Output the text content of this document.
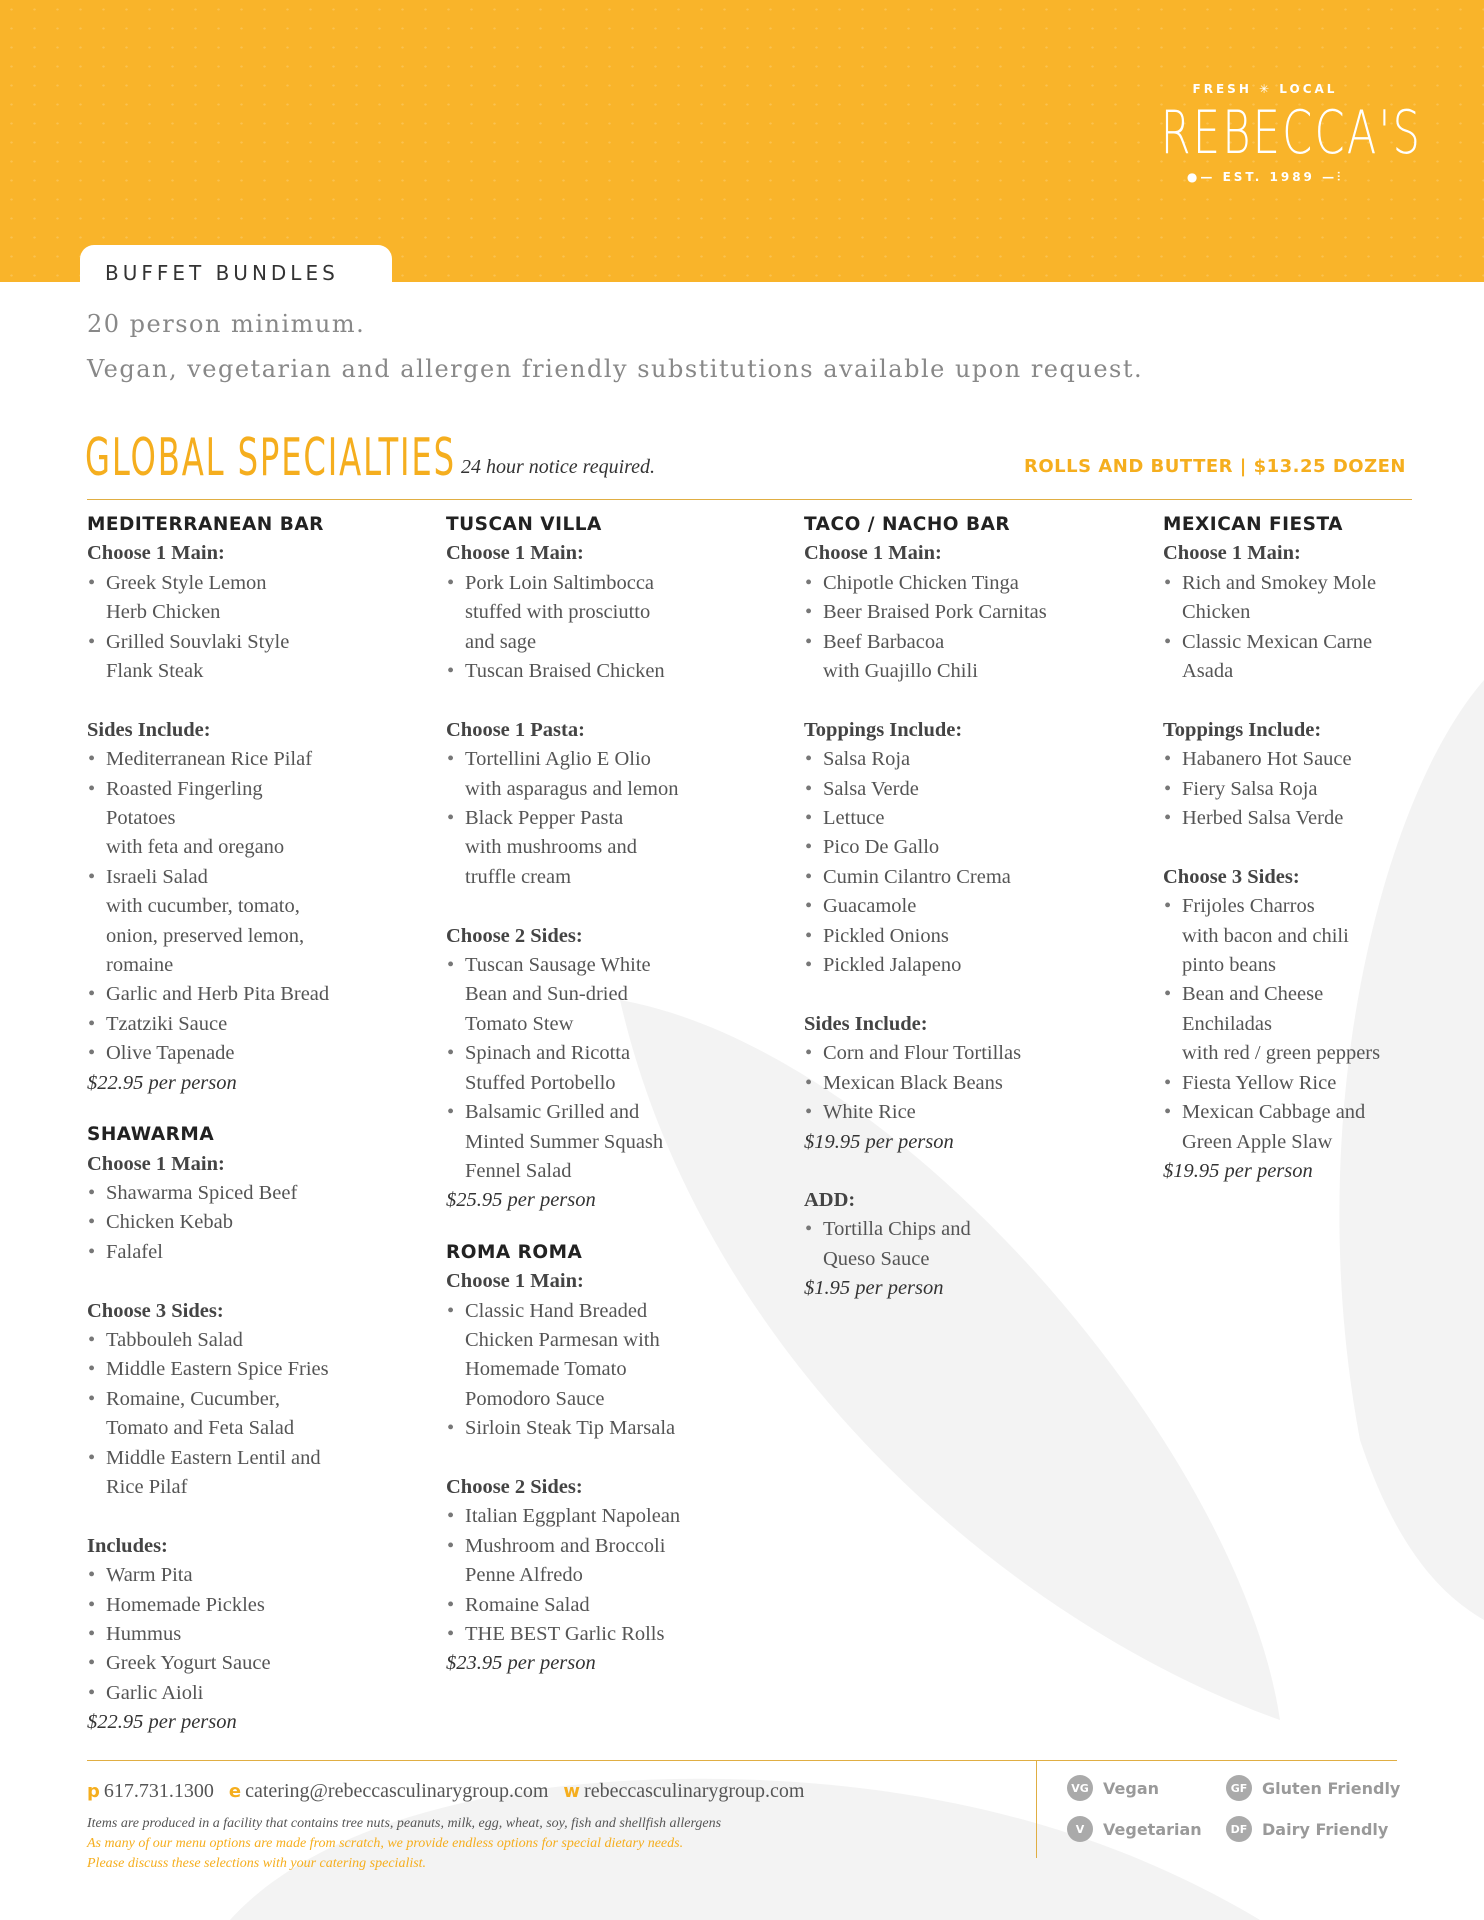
FRESH ✳ LOCAL
REBECCA'S
●— EST. 1989 —⫶
BUFFET BUNDLES
20 person minimum.
Vegan, vegetarian and allergen friendly substitutions available upon request.
GLOBAL SPECIALTIES 24 hour notice required.	ROLLS AND BUTTER | $13.25 DOZEN
MEDITERRANEAN BAR
Choose 1 Main:
• Greek Style Lemon
Herb Chicken
• Grilled Souvlaki Style
Flank Steak
Sides Include:
• Mediterranean Rice Pilaf
• Roasted Fingerling
Potatoes
with feta and oregano
• Israeli Salad
with cucumber, tomato,
onion, preserved lemon,
romaine
• Garlic and Herb Pita Bread
• Tzatziki Sauce
• Olive Tapenade
$22.95 per person
SHAWARMA
Choose 1 Main:
• Shawarma Spiced Beef
• Chicken Kebab
• Falafel
Choose 3 Sides:
• Tabbouleh Salad
• Middle Eastern Spice Fries
• Romaine, Cucumber,
Tomato and Feta Salad
• Middle Eastern Lentil and
Rice Pilaf
Includes:
• Warm Pita
• Homemade Pickles
• Hummus
• Greek Yogurt Sauce
• Garlic Aioli
$22.95 per person
TUSCAN VILLA
Choose 1 Main:
• Pork Loin Saltimbocca
stuffed with prosciutto
and sage
• Tuscan Braised Chicken
Choose 1 Pasta:
• Tortellini Aglio E Olio
with asparagus and lemon
• Black Pepper Pasta
with mushrooms and
truffle cream
Choose 2 Sides:
• Tuscan Sausage White
Bean and Sun-dried
Tomato Stew
• Spinach and Ricotta
Stuffed Portobello
• Balsamic Grilled and
Minted Summer Squash
Fennel Salad
$25.95 per person
ROMA ROMA
Choose 1 Main:
• Classic Hand Breaded
Chicken Parmesan with
Homemade Tomato
Pomodoro Sauce
• Sirloin Steak Tip Marsala
Choose 2 Sides:
• Italian Eggplant Napolean
• Mushroom and Broccoli
Penne Alfredo
• Romaine Salad
• THE BEST Garlic Rolls
$23.95 per person
TACO / NACHO BAR
Choose 1 Main:
• Chipotle Chicken Tinga
• Beer Braised Pork Carnitas
• Beef Barbacoa
with Guajillo Chili
Toppings Include:
• Salsa Roja
• Salsa Verde
• Lettuce
• Pico De Gallo
• Cumin Cilantro Crema
• Guacamole
• Pickled Onions
• Pickled Jalapeno
Sides Include:
• Corn and Flour Tortillas
• Mexican Black Beans
• White Rice
$19.95 per person
ADD:
• Tortilla Chips and
Queso Sauce
$1.95 per person
MEXICAN FIESTA
Choose 1 Main:
• Rich and Smokey Mole
Chicken
• Classic Mexican Carne
Asada
Toppings Include:
• Habanero Hot Sauce
• Fiery Salsa Roja
• Herbed Salsa Verde
Choose 3 Sides:
• Frijoles Charros
with bacon and chili
pinto beans
• Bean and Cheese
Enchiladas
with red / green peppers
• Fiesta Yellow Rice
• Mexican Cabbage and
Green Apple Slaw
$19.95 per person
p 617.731.1300 e catering@rebeccasculinarygroup.com w rebeccasculinarygroup.com
Items are produced in a facility that contains tree nuts, peanuts, milk, egg, wheat, soy, fish and shellfish allergens
As many of our menu options are made from scratch, we provide endless options for special dietary needs.
Please discuss these selections with your catering specialist.
VG Vegan	GF Gluten Friendly
V	Vegetarian	DF Dairy Friendly
